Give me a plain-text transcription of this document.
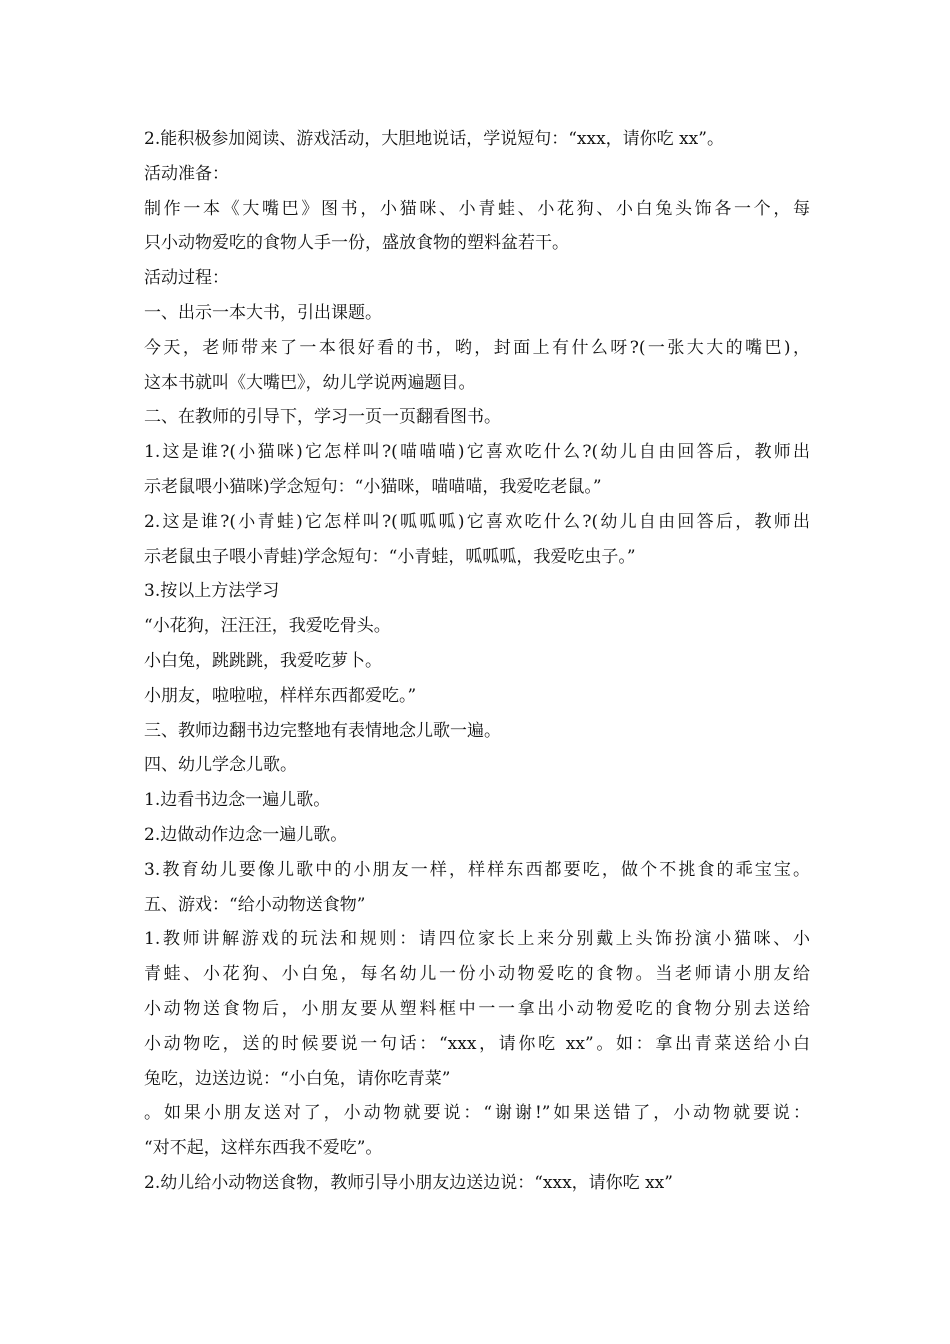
2.能积极参加阅读、游戏活动，大胆地说话，学说短句：“xxx，请你吃 xx”。
活动准备：
制作一本《大嘴巴》图书，小猫咪、小青蛙、小花狗、小白兔头饰各一个，每
只小动物爱吃的食物人手一份，盛放食物的塑料盆若干。
活动过程：
一、出示一本大书，引出课题。
今天，老师带来了一本很好看的书，哟，封面上有什么呀?(一张大大的嘴巴)，
这本书就叫《大嘴巴》，幼儿学说两遍题目。
二、在教师的引导下，学习一页一页翻看图书。
1.这是谁?(小猫咪)它怎样叫?(喵喵喵)它喜欢吃什么?(幼儿自由回答后，教师出
示老鼠喂小猫咪)学念短句：“小猫咪，喵喵喵，我爱吃老鼠。”
2.这是谁?(小青蛙)它怎样叫?(呱呱呱)它喜欢吃什么?(幼儿自由回答后，教师出
示老鼠虫子喂小青蛙)学念短句：“小青蛙，呱呱呱，我爱吃虫子。”
3.按以上方法学习
“小花狗，汪汪汪，我爱吃骨头。
小白兔，跳跳跳，我爱吃萝卜。
小朋友，啦啦啦，样样东西都爱吃。”
三、教师边翻书边完整地有表情地念儿歌一遍。
四、幼儿学念儿歌。
1.边看书边念一遍儿歌。
2.边做动作边念一遍儿歌。
3.教育幼儿要像儿歌中的小朋友一样，样样东西都要吃，做个不挑食的乖宝宝。
五、游戏：“给小动物送食物”
1.教师讲解游戏的玩法和规则：请四位家长上来分别戴上头饰扮演小猫咪、小
青蛙、小花狗、小白兔，每名幼儿一份小动物爱吃的食物。当老师请小朋友给
小动物送食物后，小朋友要从塑料框中一一拿出小动物爱吃的食物分别去送给
小动物吃，送的时候要说一句话：“xxx，请你吃 xx”。如：拿出青菜送给小白
兔吃，边送边说：“小白兔，请你吃青菜”
。如果小朋友送对了，小动物就要说：“谢谢!”如果送错了，小动物就要说：
“对不起，这样东西我不爱吃”。
2.幼儿给小动物送食物，教师引导小朋友边送边说：“xxx，请你吃 xx”
